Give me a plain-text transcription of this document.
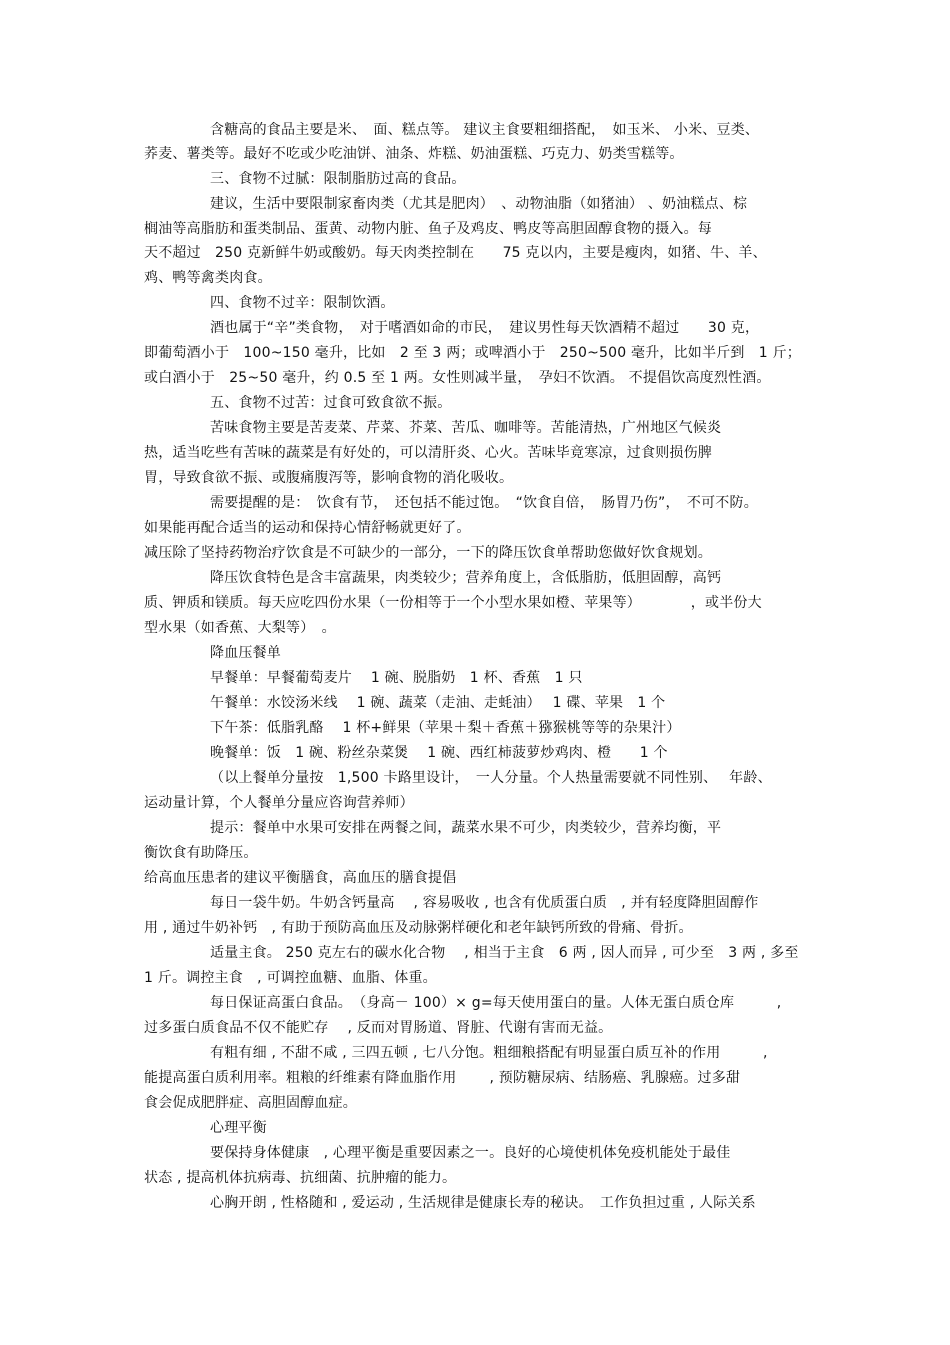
含糖高的食品主要是米、　面、糕点等。 建议主食要粗细搭配，　如玉米、 小米、豆类、
荞麦、薯类等。最好不吃或少吃油饼、油条、炸糕、奶油蛋糕、巧克力、奶类雪糕等。
三、食物不过腻：限制脂肪过高的食品。
建议，生活中要限制家畜肉类（尤其是肥肉）　、动物油脂（如猪油） 、奶油糕点、棕
榈油等高脂肪和蛋类制品、蛋黄、动物内脏、鱼子及鸡皮、鸭皮等高胆固醇食物的摄入。每
天不超过　250 克新鲜牛奶或酸奶。每天肉类控制在　　75 克以内，主要是瘦肉，如猪、牛、羊、
鸡、鸭等禽类肉食。
四、食物不过辛：限制饮酒。
酒也属于“辛”类食物，　对于嗜酒如命的市民，　建议男性每天饮酒精不超过　　30 克，
即葡萄酒小于　100~150 毫升，比如　2 至 3 两；或啤酒小于　250~500 毫升，比如半斤到　1 斤；
或白酒小于　25~50 毫升，约 0.5 至 1 两。女性则减半量，　孕妇不饮酒。 不提倡饮高度烈性酒。
五、食物不过苦：过食可致食欲不振。
苦味食物主要是苦麦菜、芹菜、芥菜、苦瓜、咖啡等。苦能清热，广州地区气候炎
热，适当吃些有苦味的蔬菜是有好处的，可以清肝炎、心火。苦味毕竟寒凉，过食则损伤脾
胃，导致食欲不振、或腹痛腹泻等，影响食物的消化吸收。
需要提醒的是：　饮食有节，　还包括不能过饱。　“饮食自倍，　肠胃乃伤”，　不可不防。
如果能再配合适当的运动和保持心情舒畅就更好了。
减压除了坚持药物治疗饮食是不可缺少的一部分，一下的降压饮食单帮助您做好饮食规划。
降压饮食特色是含丰富蔬果，肉类较少；营养角度上，含低脂肪，低胆固醇，高钙
质、钾质和镁质。每天应吃四份水果（一份相等于一个小型水果如橙、苹果等）　　　　，或半份大
型水果（如香蕉、大梨等）　。
降血压餐单
早餐单：早餐葡萄麦片　 1 碗、脱脂奶　1 杯、香蕉　1 只
午餐单：水饺汤米线　 1 碗、蔬菜（走油、走蚝油）　 1 碟、苹果　1 个
下午茶：低脂乳酪　 1 杯+鲜果（苹果＋梨＋香蕉＋猕猴桃等等的杂果汁）
晚餐单：饭　1 碗、粉丝杂菜煲　 1 碗、西红柿菠萝炒鸡肉、橙　　1 个
（以上餐单分量按　1,500 卡路里设计，　一人分量。个人热量需要就不同性别、　 年龄、
运动量计算，个人餐单分量应咨询营养师）
提示：餐单中水果可安排在两餐之间，蔬菜水果不可少，肉类较少，营养均衡，平
衡饮食有助降压。
给高血压患者的建议平衡膳食，高血压的膳食提倡
每日一袋牛奶。牛奶含钙量高　 , 容易吸收 , 也含有优质蛋白质　, 并有轻度降胆固醇作
用 , 通过牛奶补钙　, 有助于预防高血压及动脉粥样硬化和老年缺钙所致的骨痛、骨折。
适量主食。 250 克左右的碳水化合物　 , 相当于主食　6 两 , 因人而异 , 可少至　3 两 , 多至
1 斤。调控主食　, 可调控血糖、血脂、体重。
每日保证高蛋白食品。　（身高－ 100）× g=每天使用蛋白的量。人体无蛋白质仓库　　　,
过多蛋白质食品不仅不能贮存　 , 反而对胃肠道、肾脏、代谢有害而无益。
有粗有细 , 不甜不咸 , 三四五顿 , 七八分饱。粗细粮搭配有明显蛋白质互补的作用　　　,
能提高蛋白质利用率。粗粮的纤维素有降血脂作用　　 , 预防糖尿病、结肠癌、乳腺癌。过多甜
食会促成肥胖症、高胆固醇血症。
心理平衡
要保持身体健康　, 心理平衡是重要因素之一。良好的心境使机体免疫机能处于最佳
状态 , 提高机体抗病毒、抗细菌、抗肿瘤的能力。
心胸开朗 , 性格随和 , 爱运动 , 生活规律是健康长寿的秘诀。　工作负担过重 , 人际关系
